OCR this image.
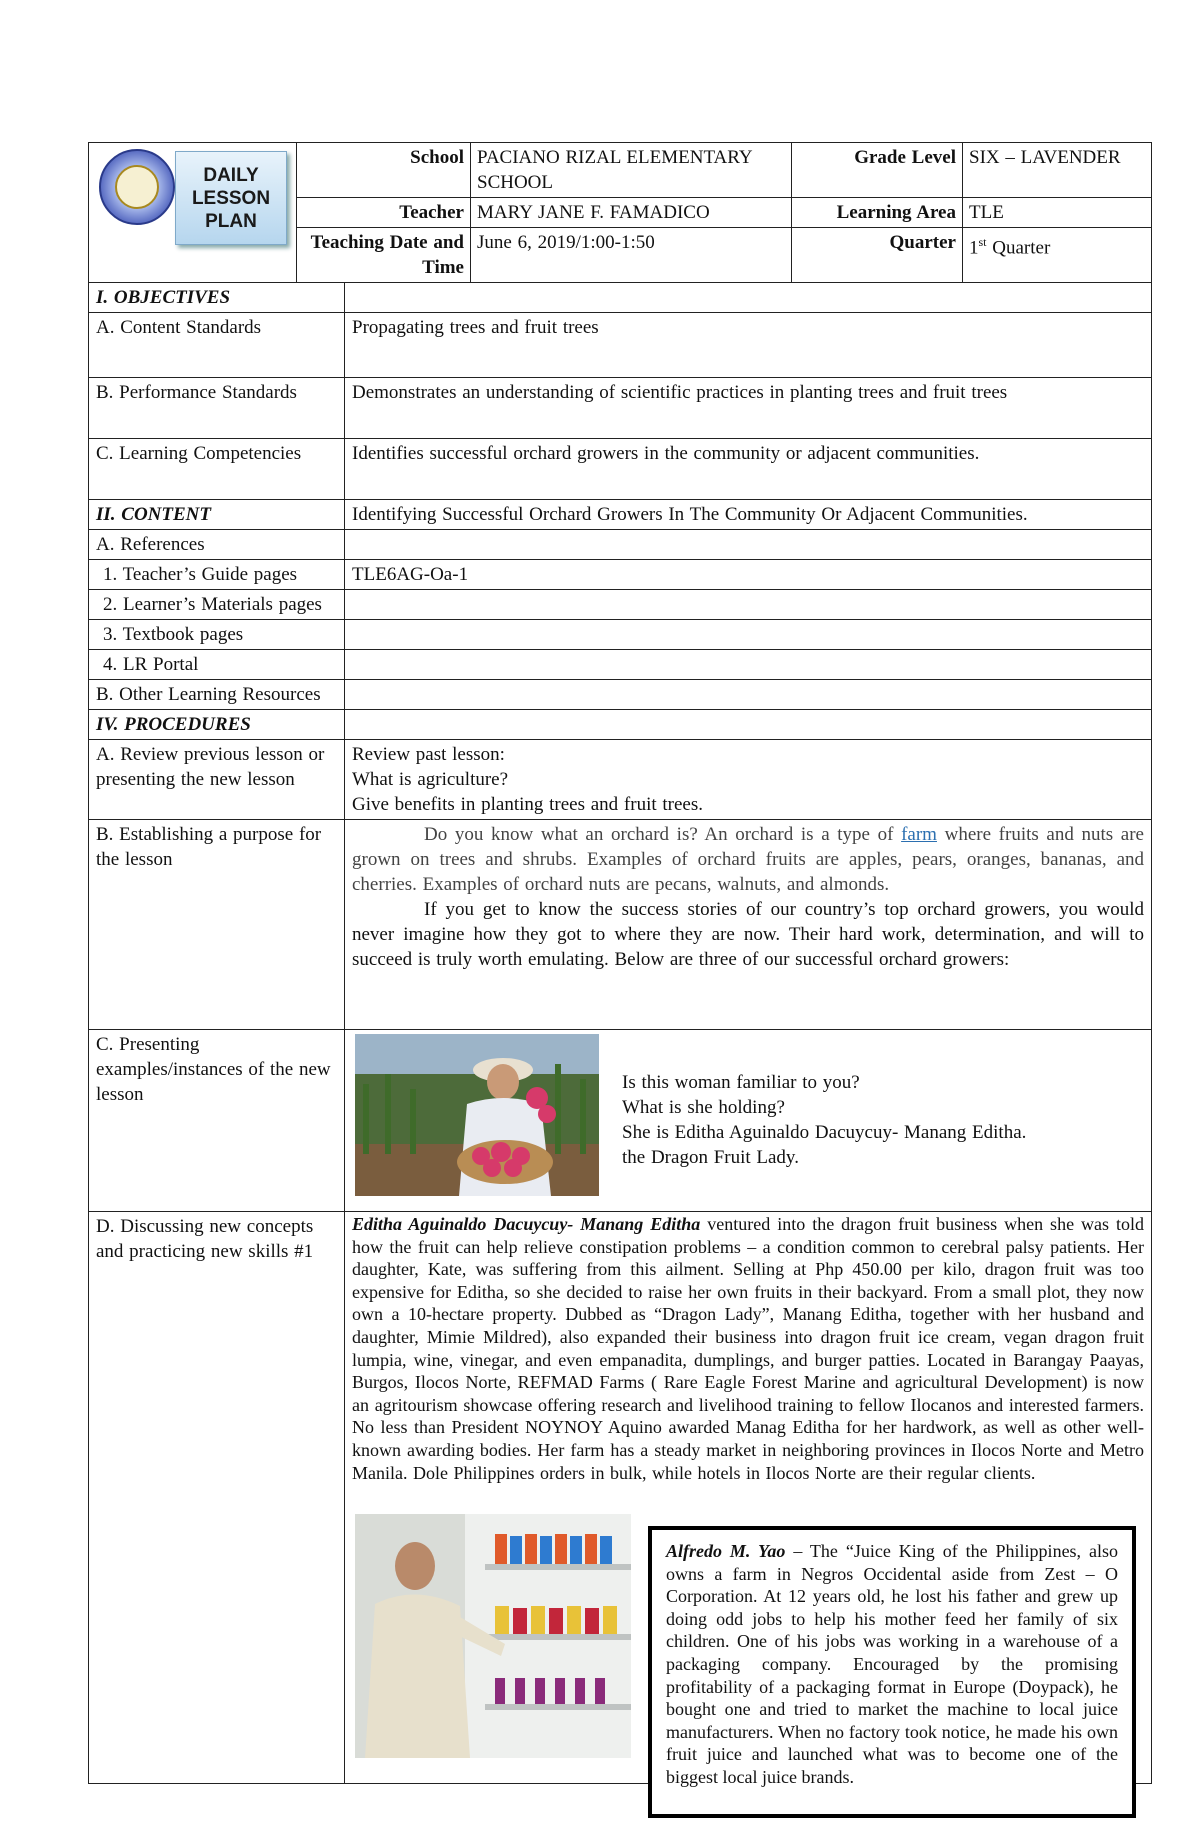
DAILY
LESSON
PLAN	School	PACIANO RIZAL ELEMENTARY SCHOOL	Grade Level	SIX – LAVENDER
	Teacher	MARY JANE F. FAMADICO	Learning Area	TLE
	Teaching Date and Time	June 6, 2019/1:00-1:50	Quarter	1st Quarter
I. OBJECTIVES	
A. Content Standards	Propagating trees and fruit trees
B. Performance Standards	Demonstrates an understanding of scientific practices in planting trees and fruit trees
C. Learning Competencies	Identifies successful orchard growers in the community or adjacent communities.
II. CONTENT	Identifying Successful Orchard Growers In The Community Or Adjacent Communities.
A. References	
1. Teacher’s Guide pages	TLE6AG-Oa-1
2. Learner’s Materials pages	
3. Textbook pages	
4. LR Portal	
B. Other Learning Resources	
IV. PROCEDURES	
A. Review previous lesson or presenting the new lesson	Review past lesson:
What is agriculture?
Give benefits in planting trees and fruit trees.

B. Establishing a purpose for the lesson	Do you know what an orchard is? An orchard is a type of farm where fruits and nuts are grown on trees and shrubs. Examples of orchard fruits are apples, pears, oranges, bananas, and cherries. Examples of orchard nuts are pecans, walnuts, and almonds.
If you get to know the success stories of our country’s top orchard growers, you would never imagine how they got to where they are now. Their hard work, determination, and will to succeed is truly worth emulating. Below are three of our successful orchard growers:

C. Presenting examples/instances of the new lesson	Is this woman familiar to you?
What is she holding?
She is Editha Aguinaldo Dacuycuy- Manang Editha.
the Dragon Fruit Lady.

D. Discussing new concepts and practicing new skills #1	Editha Aguinaldo Dacuycuy- Manang Editha ventured into the dragon fruit business when she was told how the fruit can help relieve constipation problems – a condition common to cerebral palsy patients. Her daughter, Kate, was suffering from this ailment. Selling at Php 450.00 per kilo, dragon fruit was too expensive for Editha, so she decided to raise her own fruits in their backyard. From a small plot, they now own a 10-hectare property. Dubbed as “Dragon Lady”, Manang Editha, together with her husband and daughter, Mimie Mildred), also expanded their business into dragon fruit ice cream, vegan dragon fruit lumpia, wine, vinegar, and even empanadita, dumplings, and burger patties. Located in Barangay Paayas, Burgos, Ilocos Norte, REFMAD Farms ( Rare Eagle Forest Marine and agricultural Development) is now an agritourism showcase offering research and livelihood training to fellow Ilocanos and interested farmers. No less than President NOYNOY Aquino awarded Manag Editha for her hardwork, as well as other well- known awarding bodies. Her farm has a steady market in neighboring provinces in Ilocos Norte and Metro Manila. Dole Philippines orders in bulk, while hotels in Ilocos Norte are their regular clients.
Alfredo M. Yao – The “Juice King of the Philippines, also owns a farm in Negros Occidental aside from Zest – O Corporation. At 12 years old, he lost his father and grew up doing odd jobs to help his mother feed her family of six children. One of his jobs was working in a warehouse of a packaging company. Encouraged by the promising profitability of a packaging format in Europe (Doypack), he bought one and tried to market the machine to local juice manufacturers. When no factory took notice, he made his own fruit juice and launched what was to become one of the biggest local juice brands.
